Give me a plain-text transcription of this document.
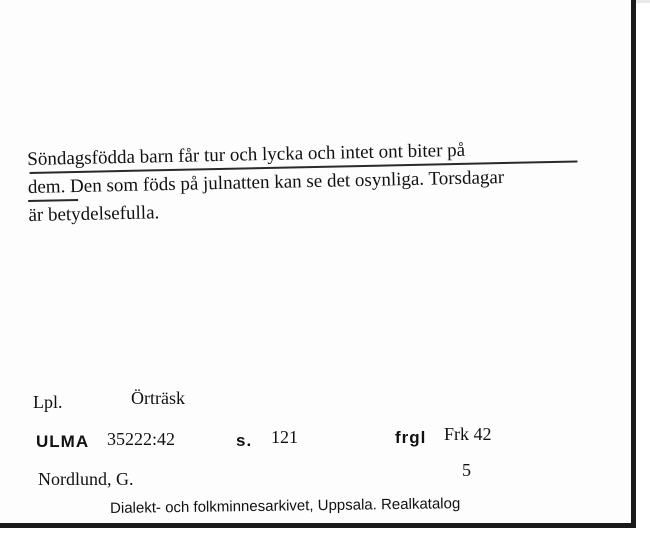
Söndagsfödda barn får tur och lycka och intet ont biter på
dem. Den som föds på julnatten kan se det osynliga. Torsdagar
är betydelsefulla.
Lpl.	Örträsk
ULMA 35222:42	s. 121	frgl Frk 42
Nordlund, G.	5
Dialekt- och folkminnesarkivet, Uppsala. Realkatalog
